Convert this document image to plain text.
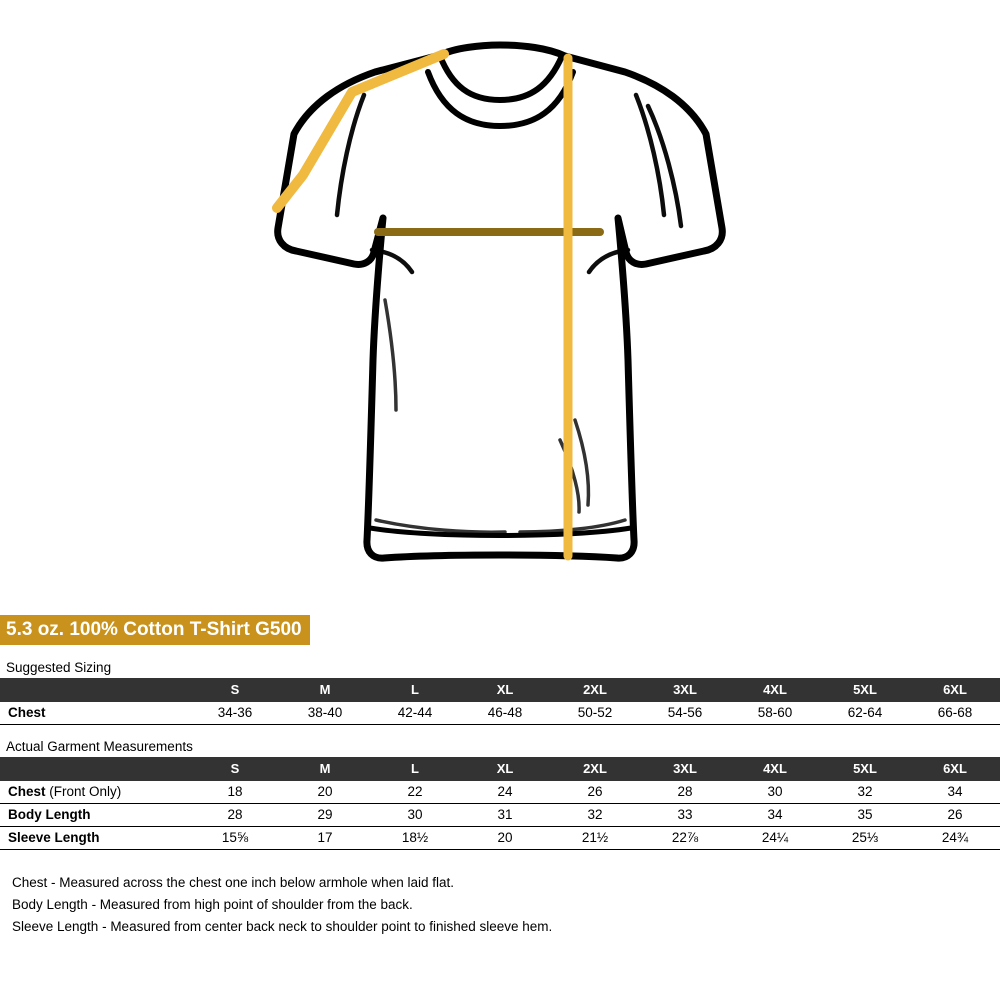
5.3 oz. 100% Cotton T-Shirt G500
Suggested Sizing
	S	M	L	XL	2XL	3XL	4XL	5XL	6XL
Chest	34-36	38-40	42-44	46-48	50-52	54-56	58-60	62-64	66-68
Actual Garment Measurements
	S	M	L	XL	2XL	3XL	4XL	5XL	6XL
Chest (Front Only)	18	20	22	24	26	28	30	32	34
Body Length	28	29	30	31	32	33	34	35	26
Sleeve Length	15⅝	17	18½	20	21½	22⅞	24¼	25⅓	24¾

Chest - Measured across the chest one inch below armhole when laid flat.

Body Length - Measured from high point of shoulder from the back.

Sleeve Length - Measured from center back neck to shoulder point to finished sleeve hem.
